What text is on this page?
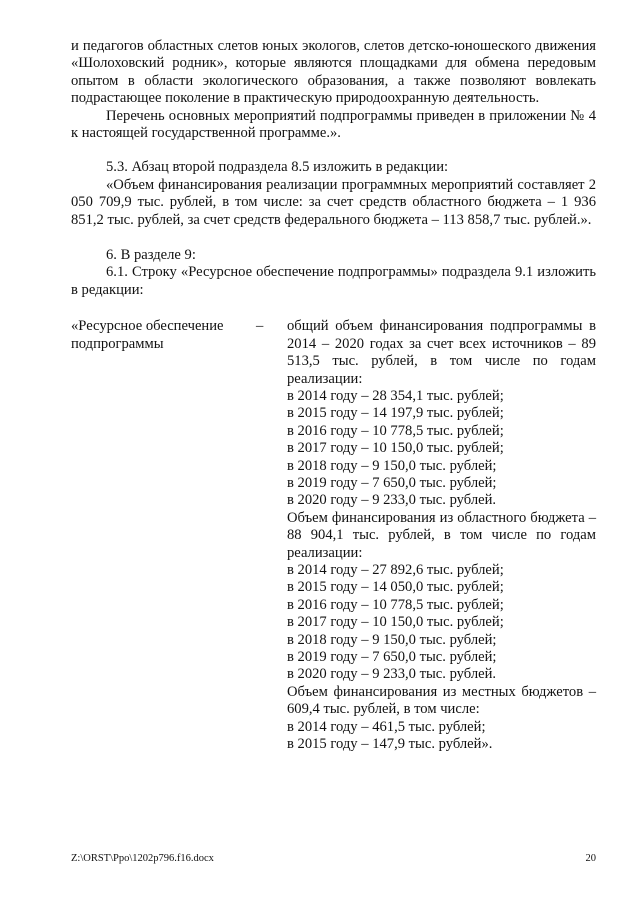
и педагогов областных слетов юных экологов, слетов детско-юношеского движения «Шолоховский родник», которые являются площадками для обмена передовым опытом в области экологического образования, а также позволяют вовлекать подрастающее поколение в практическую природоохранную деятельность.

Перечень основных мероприятий подпрограммы приведен в приложении № 4 к настоящей государственной программе.».

5.3. Абзац второй подраздела 8.5 изложить в редакции:

«Объем финансирования реализации программных мероприятий составляет 2 050 709,9 тыс. рублей, в том числе: за счет средств областного бюджета – 1 936 851,2 тыс. рублей, за счет средств федерального бюджета – 113 858,7 тыс. рублей.».

6. В разделе 9:

6.1. Строку «Ресурсное обеспечение подпрограммы» подраздела 9.1 изложить в редакции:

«Ресурсное обеспечение подпрограммы
– общий объем финансирования подпрограммы в 2014 – 2020 годах за счет всех источников – 89 513,5 тыс. рублей, в том числе по годам реализации:

в 2014 году – 28 354,1 тыс. рублей;

в 2015 году – 14 197,9 тыс. рублей;

в 2016 году – 10 778,5 тыс. рублей;

в 2017 году – 10 150,0 тыс. рублей;

в 2018 году – 9 150,0 тыс. рублей;

в 2019 году – 7 650,0 тыс. рублей;

в 2020 году – 9 233,0 тыс. рублей.

Объем финансирования из областного бюджета – 88 904,1 тыс. рублей, в том числе по годам реализации:

в 2014 году – 27 892,6 тыс. рублей;

в 2015 году – 14 050,0 тыс. рублей;

в 2016 году – 10 778,5 тыс. рублей;

в 2017 году – 10 150,0 тыс. рублей;

в 2018 году – 9 150,0 тыс. рублей;

в 2019 году – 7 650,0 тыс. рублей;

в 2020 году – 9 233,0 тыс. рублей.

Объем финансирования из местных бюджетов – 609,4 тыс. рублей, в том числе:

в 2014 году – 461,5 тыс. рублей;

в 2015 году – 147,9 тыс. рублей».

Z:\ORST\Ppo\1202p796.f16.docx	20
